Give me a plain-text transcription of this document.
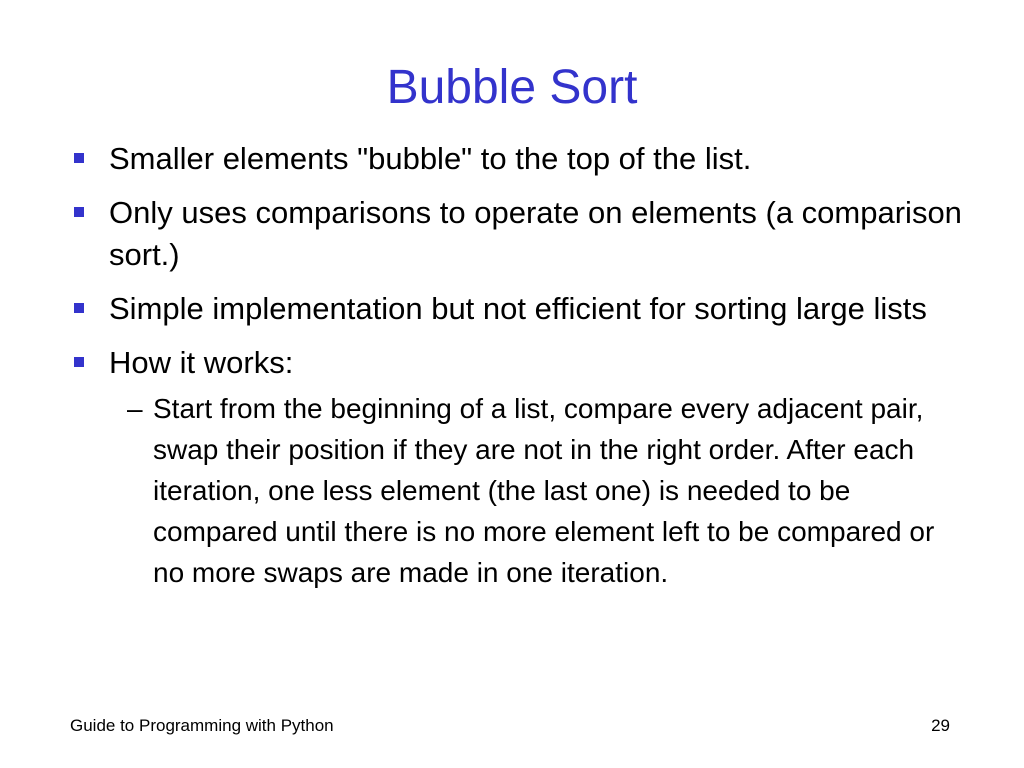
Bubble Sort
Smaller elements "bubble" to the top of the list.
Only uses comparisons to operate on elements (a comparison sort.)
Simple implementation but not efficient for sorting large lists
How it works:
– Start from the beginning of a list, compare every adjacent pair, swap their position if they are not in the right order. After each iteration, one less element (the last one) is needed to be compared until there is no more element left to be compared or no more swaps are made in one iteration.
Guide to Programming with Python	29
